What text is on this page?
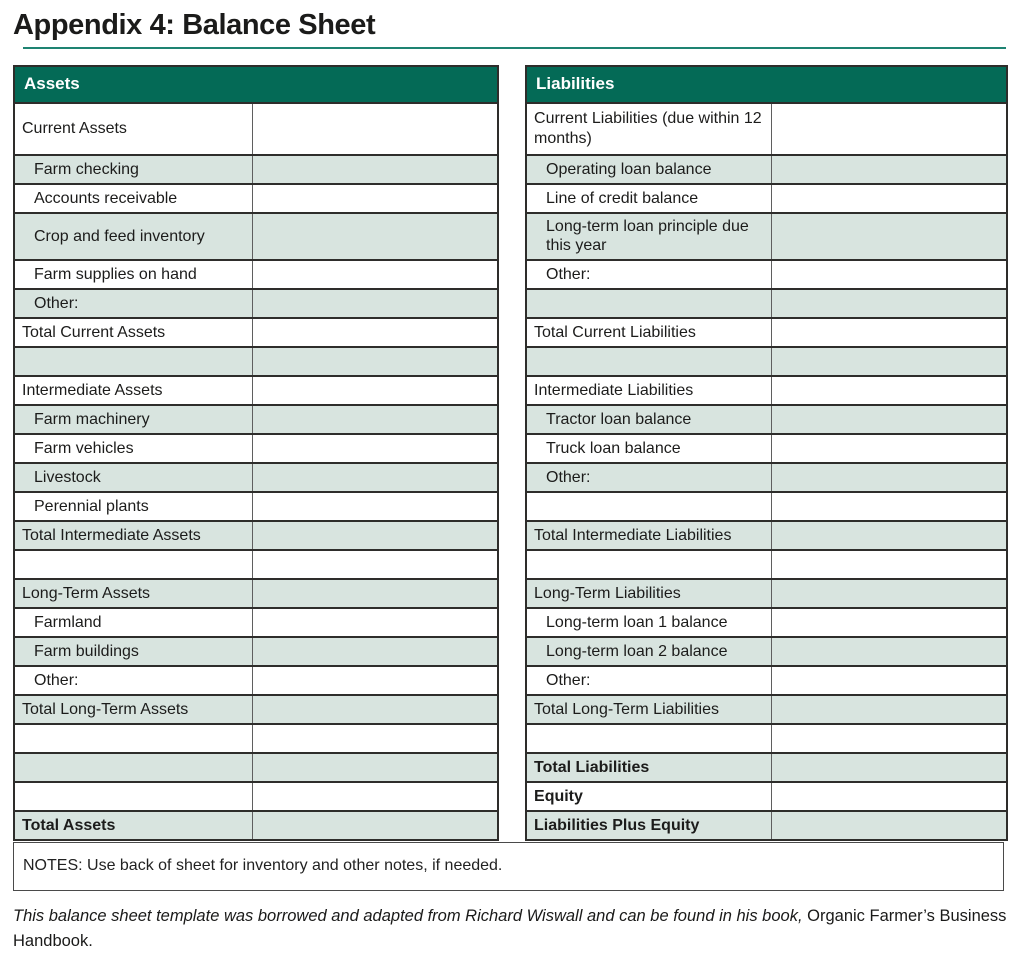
Appendix 4: Balance Sheet
Assets	
Current Assets	
Farm checking	
Accounts receivable	
Crop and feed inventory	
Farm supplies on hand	
Other:	
Total Current Assets	

Intermediate Assets	
Farm machinery	
Farm vehicles	
Livestock	
Perennial plants	
Total Intermediate Assets	

Long-Term Assets	
Farmland	
Farm buildings	
Other:	
Total Long-Term Assets	

Total Assets	
Liabilities	
Current Liabilities (due within 12 months)	
Operating loan balance	
Line of credit balance	
Long-term loan principle due this year	
Other:	

Total Current Liabilities	

Intermediate Liabilities	
Tractor loan balance	
Truck loan balance	
Other:	

Total Intermediate Liabilities	

Long-Term Liabilities	
Long-term loan 1 balance	
Long-term loan 2 balance	
Other:	
Total Long-Term Liabilities	

Total Liabilities	
Equity	
Liabilities Plus Equity	
NOTES: Use back of sheet for inventory and other notes, if needed.

This balance sheet template was borrowed and adapted from Richard Wiswall and can be found in his book, Organic Farmer’s Business Handbook.
